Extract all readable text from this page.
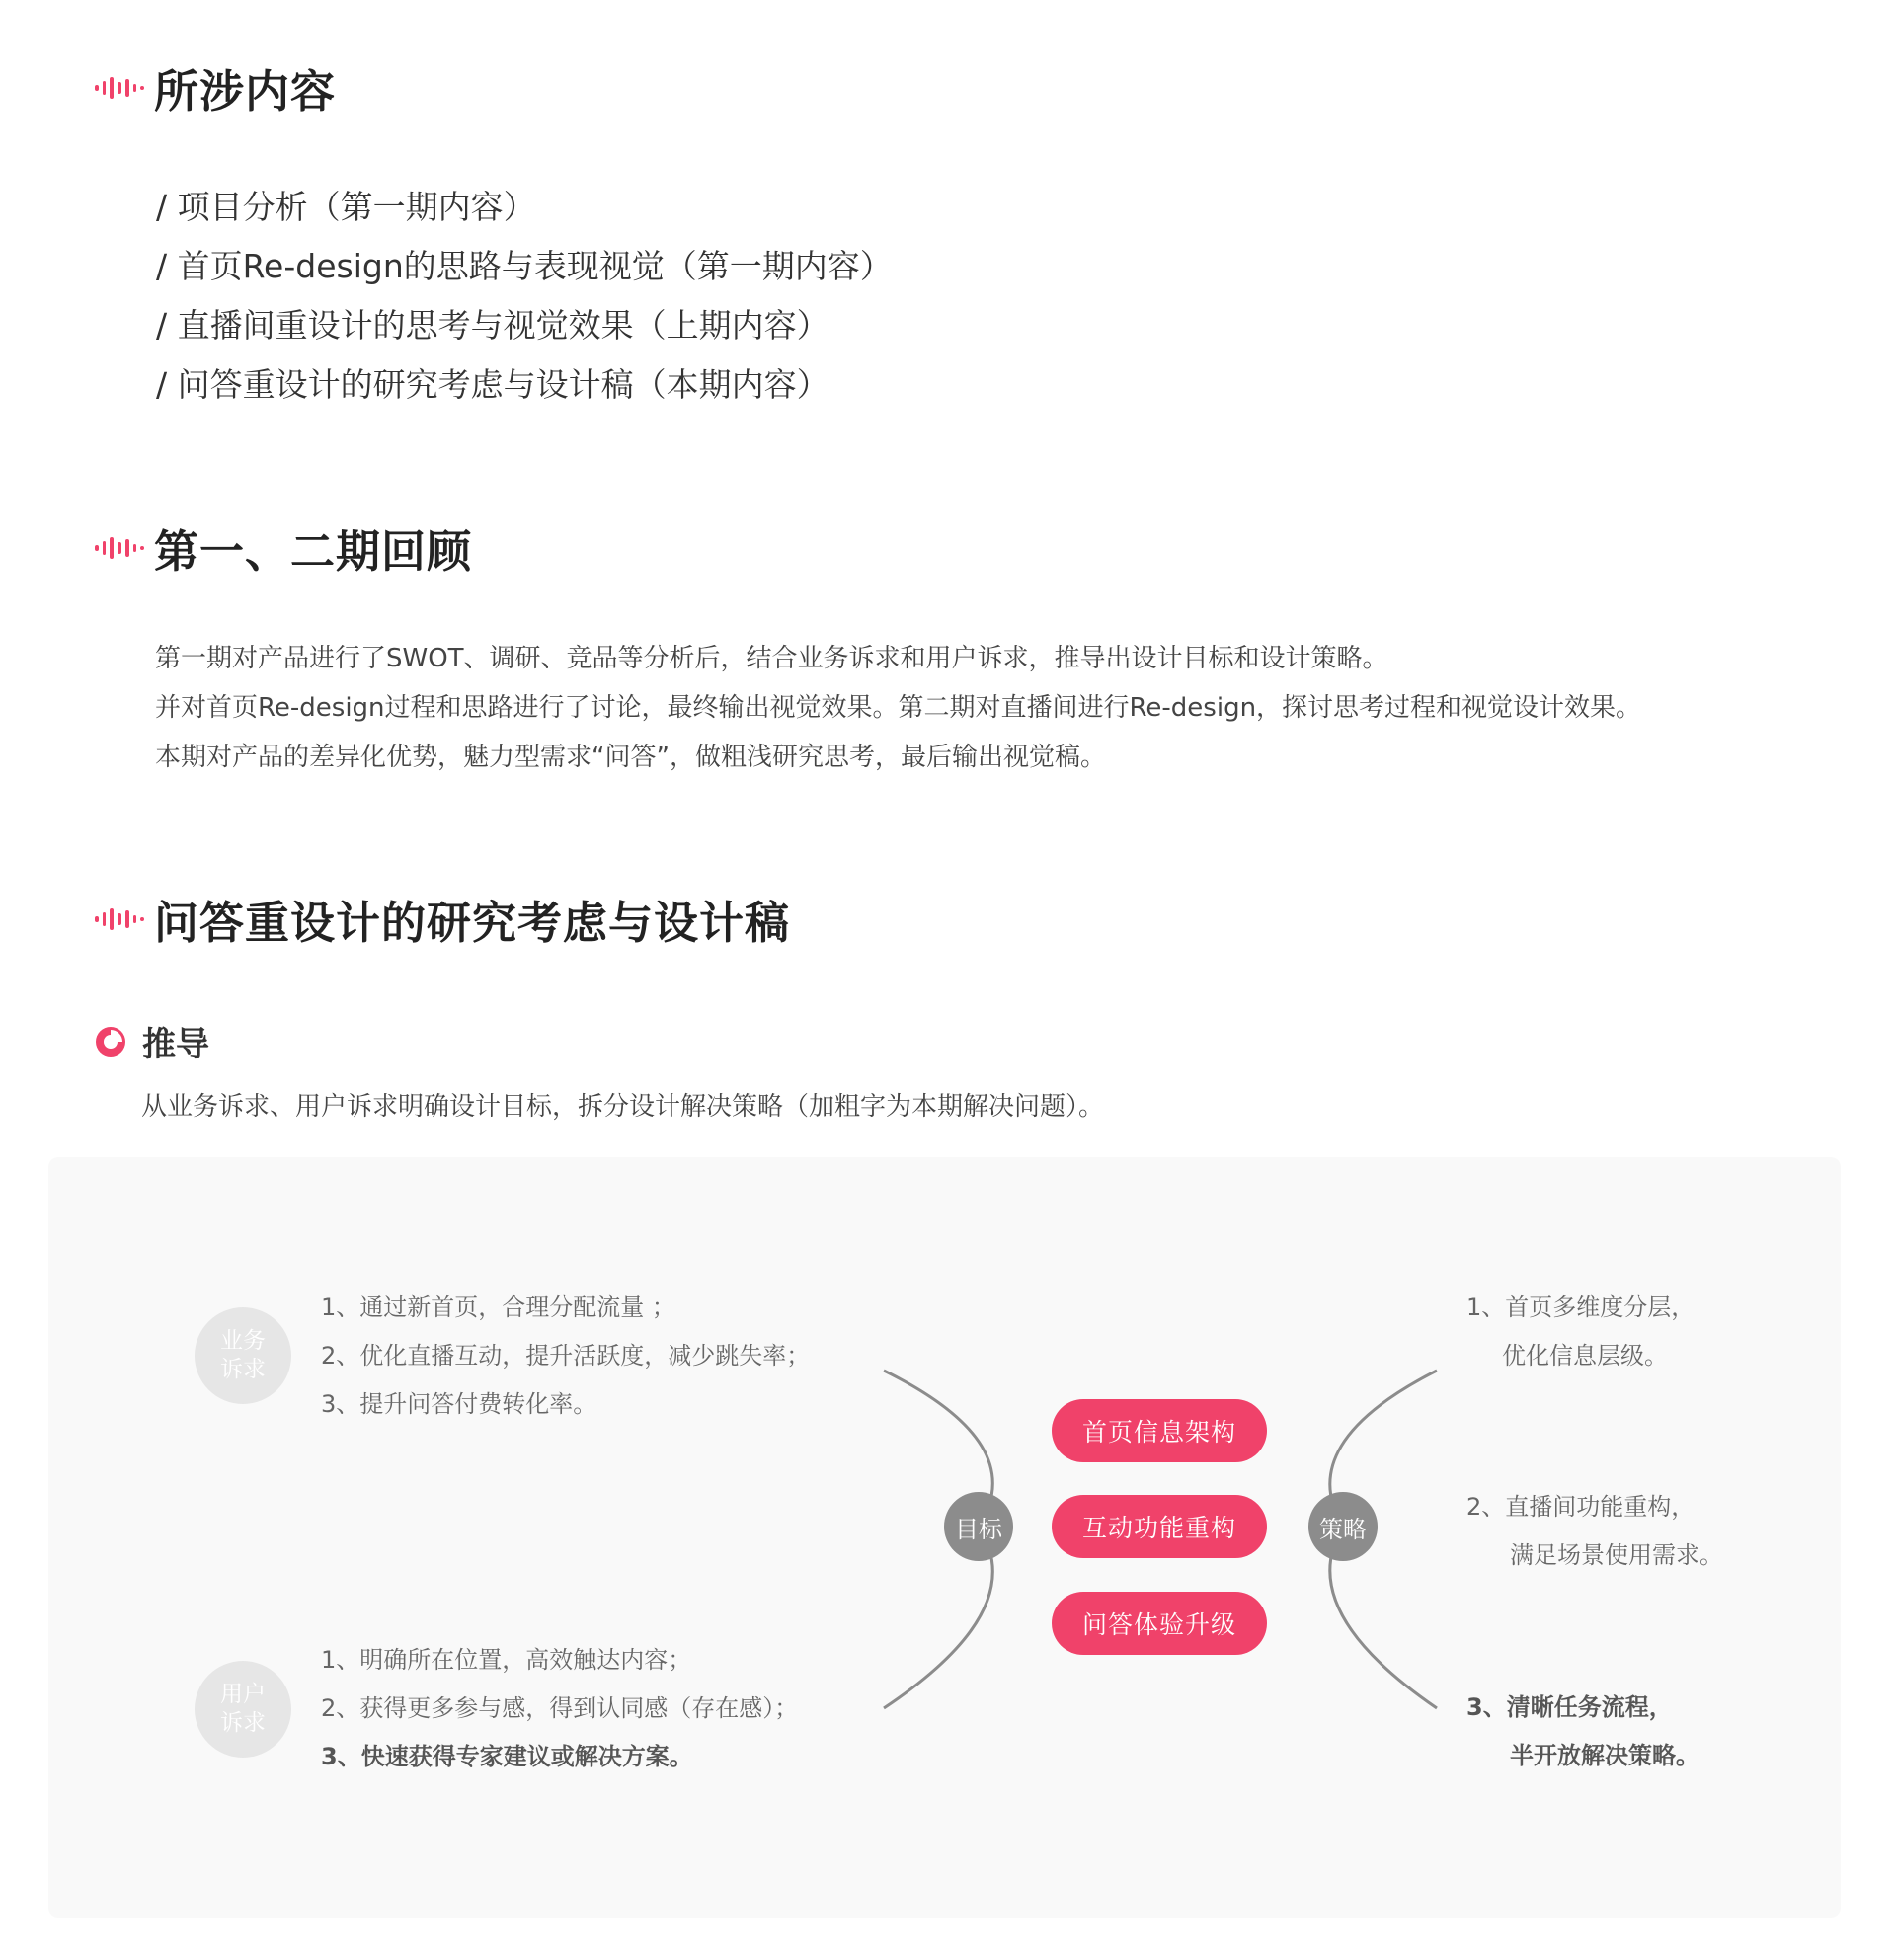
所涉内容
/ 项目分析（第一期内容）
/ 首页Re-design的思路与表现视觉（第一期内容）
/ 直播间重设计的思考与视觉效果（上期内容）
/ 问答重设计的研究考虑与设计稿（本期内容）
第一、二期回顾

第一期对产品进行了SWOT、调研、竞品等分析后，结合业务诉求和用户诉求，推导出设计目标和设计策略。

并对首页Re-design过程和思路进行了讨论，最终输出视觉效果。第二期对直播间进行Re-design，探讨思考过程和视觉设计效果。

本期对产品的差异化优势，魅力型需求“问答”，做粗浅研究思考，最后输出视觉稿。

问答重设计的研究考虑与设计稿
推导
从业务诉求、用户诉求明确设计目标，拆分设计解决策略（加粗字为本期解决问题）。
业务
诉求
1、通过新首页，合理分配流量 ；
2、优化直播互动，提升活跃度，减少跳失率；
3、提升问答付费转化率。
用户
诉求
1、明确所在位置，高效触达内容；
2、获得更多参与感，得到认同感（存在感）；
3、快速获得专家建议或解决方案。
目标	策略
首页信息架构
互动功能重构
问答体验升级

1、首页多维度分层，
优化信息层级。

2、直播间功能重构，
满足场景使用需求。

3、清晰任务流程，
半开放解决策略。
